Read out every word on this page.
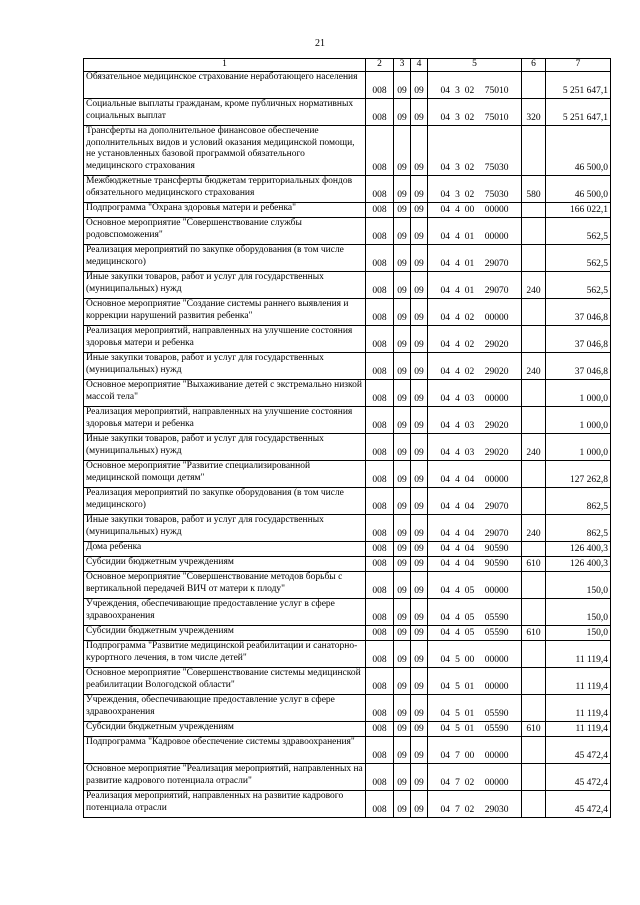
21
1	2	3	4	5	6	7
Обязательное медицинское страхование неработающего населения	008	09	09	04 3 02 75010		5 251 647,1
Социальные выплаты гражданам, кроме публичных нормативных социальных выплат	008	09	09	04 3 02 75010	320	5 251 647,1
Трансферты на дополнительное финансовое обеспечение дополнительных видов и условий оказания медицинской помощи, не установленных базовой программой обязательного медицинского страхования	008	09	09	04 3 02 75030		46 500,0
Межбюджетные трансферты бюджетам территориальных фондов обязательного медицинского страхования	008	09	09	04 3 02 75030	580	46 500,0
Подпрограмма "Охрана здоровья матери и ребенка"	008	09	09	04 4 00 00000		166 022,1
Основное мероприятие "Совершенствование службы родовспоможения"	008	09	09	04 4 01 00000		562,5
Реализация мероприятий по закупке оборудования (в том числе медицинского)	008	09	09	04 4 01 29070		562,5
Иные закупки товаров, работ и услуг для государственных (муниципальных) нужд	008	09	09	04 4 01 29070	240	562,5
Основное мероприятие "Создание системы раннего выявления и коррекции нарушений развития ребенка"	008	09	09	04 4 02 00000		37 046,8
Реализация мероприятий, направленных на улучшение состояния здоровья матери и ребенка	008	09	09	04 4 02 29020		37 046,8
Иные закупки товаров, работ и услуг для государственных (муниципальных) нужд	008	09	09	04 4 02 29020	240	37 046,8
Основное мероприятие "Выхаживание детей с экстремально низкой массой тела"	008	09	09	04 4 03 00000		1 000,0
Реализация мероприятий, направленных на улучшение состояния здоровья матери и ребенка	008	09	09	04 4 03 29020		1 000,0
Иные закупки товаров, работ и услуг для государственных (муниципальных) нужд	008	09	09	04 4 03 29020	240	1 000,0
Основное мероприятие "Развитие специализированной медицинской помощи детям"	008	09	09	04 4 04 00000		127 262,8
Реализация мероприятий по закупке оборудования (в том числе медицинского)	008	09	09	04 4 04 29070		862,5
Иные закупки товаров, работ и услуг для государственных (муниципальных) нужд	008	09	09	04 4 04 29070	240	862,5
Дома ребенка	008	09	09	04 4 04 90590		126 400,3
Субсидии бюджетным учреждениям	008	09	09	04 4 04 90590	610	126 400,3
Основное мероприятие "Совершенствование методов борьбы с вертикальной передачей ВИЧ от матери к плоду"	008	09	09	04 4 05 00000		150,0
Учреждения, обеспечивающие предоставление услуг в сфере здравоохранения	008	09	09	04 4 05 05590		150,0
Субсидии бюджетным учреждениям	008	09	09	04 4 05 05590	610	150,0
Подпрограмма "Развитие медицинской реабилитации и санаторно-курортного лечения, в том числе детей"	008	09	09	04 5 00 00000		11 119,4
Основное мероприятие "Совершенствование системы медицинской реабилитации Вологодской области"	008	09	09	04 5 01 00000		11 119,4
Учреждения, обеспечивающие предоставление услуг в сфере здравоохранения	008	09	09	04 5 01 05590		11 119,4
Субсидии бюджетным учреждениям	008	09	09	04 5 01 05590	610	11 119,4
Подпрограмма "Кадровое обеспечение системы здравоохранения"	008	09	09	04 7 00 00000		45 472,4
Основное мероприятие "Реализация мероприятий, направленных на развитие кадрового потенциала отрасли"	008	09	09	04 7 02 00000		45 472,4
Реализация мероприятий, направленных на развитие кадрового потенциала отрасли	008	09	09	04 7 02 29030		45 472,4
